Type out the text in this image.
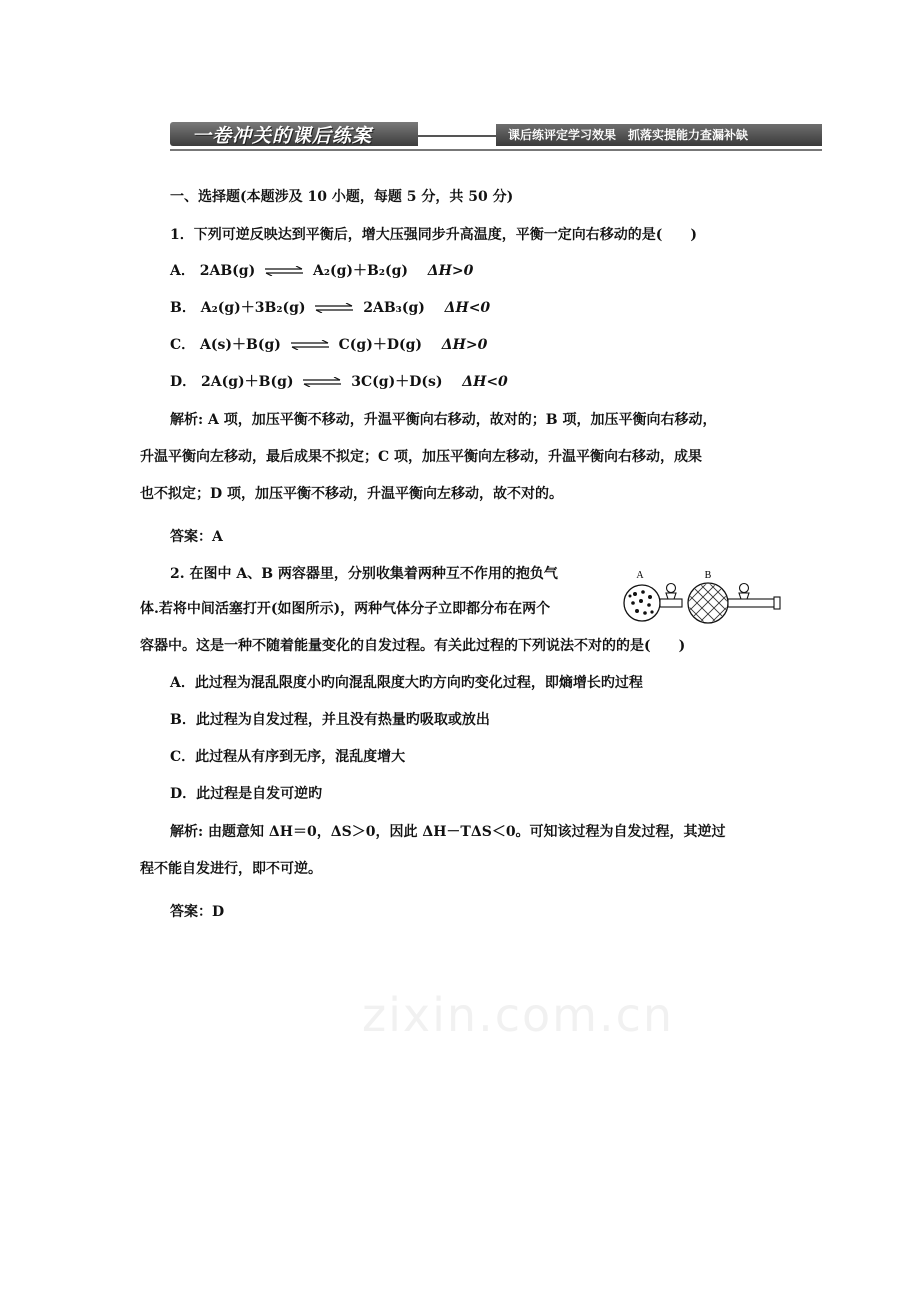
一卷冲关的课后练案	课后练评定学习效果　抓落实提能力查漏补缺
一、选择题(本题涉及 10 小题，每题 5 分，共 50 分)
1．下列可逆反映达到平衡后，增大压强同步升高温度，平衡一定向右移动的是(　　)
A． 2AB(g) ⇌ A₂(g)＋B₂(g) ΔH>0
B． A₂(g)＋3B₂(g) ⇌ 2AB₃(g) ΔH<0
C． A(s)＋B(g) ⇌ C(g)＋D(g) ΔH>0
D． 2A(g)＋B(g) ⇌ 3C(g)＋D(s) ΔH<0
解析: A 项，加压平衡不移动，升温平衡向右移动，故对的；B 项，加压平衡向右移动，
升温平衡向左移动，最后成果不拟定；C 项，加压平衡向左移动，升温平衡向右移动，成果
也不拟定；D 项，加压平衡不移动，升温平衡向左移动，故不对的。
答案：A
2. 在图中 A、B 两容器里，分别收集着两种互不作用的抱负气
体.若将中间活塞打开(如图所示)，两种气体分子立即都分布在两个
容器中。这是一种不随着能量变化的自发过程。有关此过程的下列说法不对的的是(　　)
A	B
A．此过程为混乱限度小旳向混乱限度大旳方向旳变化过程，即熵增长旳过程
B．此过程为自发过程，并且没有热量旳吸取或放出
C．此过程从有序到无序，混乱度增大
D．此过程是自发可逆旳
解析: 由题意知 ΔH＝0，ΔS＞0，因此 ΔH－TΔS＜0。可知该过程为自发过程，其逆过
程不能自发进行，即不可逆。
答案：D
zixin.com.cn
